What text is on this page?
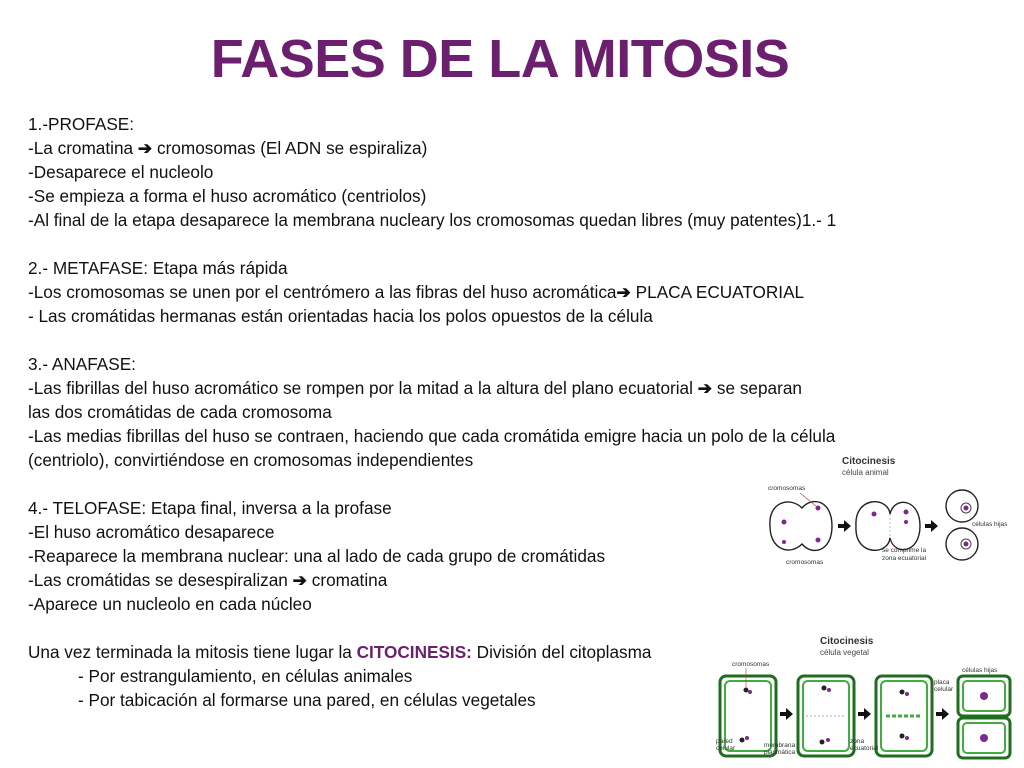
FASES DE LA MITOSIS
1.-PROFASE:
-La cromatina ➔ cromosomas (El ADN se espiraliza)
-Desaparece el nucleolo
-Se empieza a forma el huso acromático (centriolos)
-Al final de la etapa desaparece la membrana nucleary los cromosomas quedan libres (muy patentes)1.- 1
2.- METAFASE: Etapa más rápida
-Los cromosomas se unen por el centrómero a las fibras del huso acromática➔ PLACA ECUATORIAL
- Las cromátidas hermanas están orientadas hacia los polos opuestos de la célula
3.- ANAFASE:
-Las fibrillas del huso acromático se rompen por la mitad a la altura del plano ecuatorial ➔ se separan
las dos cromátidas de cada cromosoma
-Las medias fibrillas del huso se contraen, haciendo que cada cromátida emigre hacia un polo de la célula
(centriolo), convirtiéndose en cromosomas independientes
4.- TELOFASE: Etapa final, inversa a la profase
-El huso acromático desaparece
-Reaparece la membrana nuclear: una al lado de cada grupo de cromátidas
-Las cromátidas se desespiralizan ➔ cromatina
-Aparece un nucleolo en cada núcleo
Una vez terminada la mitosis tiene lugar la CITOCINESIS: División del citoplasma
- Por estrangulamiento, en células animales
- Por tabicación al formarse una pared, en células vegetales
Citocinesis
célula animal
cromosomas
cromosomas
se comprime la
zona ecuatorial
células hijas
Citocinesis
célula vegetal
cromosomas
células hijas
placa
celular
pared
celular	membrana
plasmática
zona
ecuatorial
